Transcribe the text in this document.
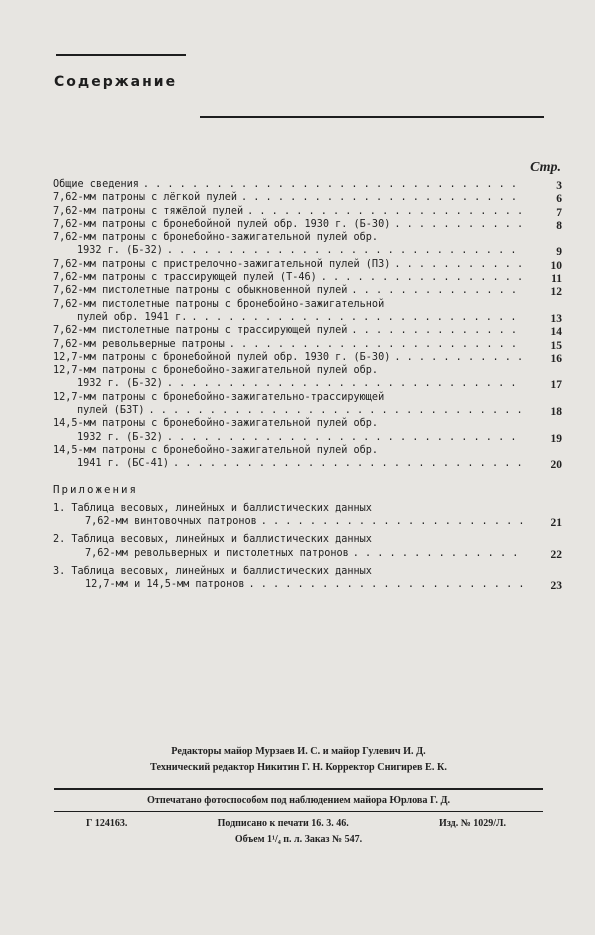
Содержание
Стр.
Общие сведения . . .	3
7,62-мм патроны с лёгкой пулей . . .	6
7,62-мм патроны с тяжёлой пулей . . .	7
7,62-мм патроны с бронебойной пулей обр. 1930 г. (Б-30) . . .	8
7,62-мм патроны с бронебойно-зажигательной пулей обр.
1932 г. (Б-32) . . .	9
7,62-мм патроны с пристрелочно-зажигательной пулей (ПЗ) . . .	10
7,62-мм патроны с трассирующей пулей (Т-46) . . .	11
7,62-мм пистолетные патроны с обыкновенной пулей . . .	12
7,62-мм пистолетные патроны с бронебойно-зажигательной
пулей обр. 1941 г. . . .	13
7,62-мм пистолетные патроны с трассирующей пулей . . .	14
7,62-мм револьверные патроны . . .	15
12,7-мм патроны с бронебойной пулей обр. 1930 г. (Б-30) . . .	16
12,7-мм патроны с бронебойно-зажигательной пулей обр.
1932 г. (Б-32) . . .	17
12,7-мм патроны с бронебойно-зажигательно-трассирующей
пулей (БЗТ) . . .	18
14,5-мм патроны с бронебойно-зажигательной пулей обр.
1932 г. (Б-32) . . .	19
14,5-мм патроны с бронебойно-зажигательной пулей обр.
1941 г. (БС-41) . . .	20
Приложения
1. Таблица весовых, линейных и баллистических данных
7,62-мм винтовочных патронов . . .	21
2. Таблица весовых, линейных и баллистических данных
7,62-мм револьверных и пистолетных патронов . . .	22
3. Таблица весовых, линейных и баллистических данных
12,7-мм и 14,5-мм патронов . . .	23
Редакторы майор Мурзаев И. С. и майор Гулевич И. Д.
Технический редактор Никитин Г. Н. Корректор Снигирев Е. К.
Отпечатано фотоспособом под наблюдением майора Юрлова Г. Д.
Г 124163.	Подписано к печати 16. 3. 46.	Изд. № 1029/Л.
Объем 1¹/₄ п. л. Заказ № 547.
